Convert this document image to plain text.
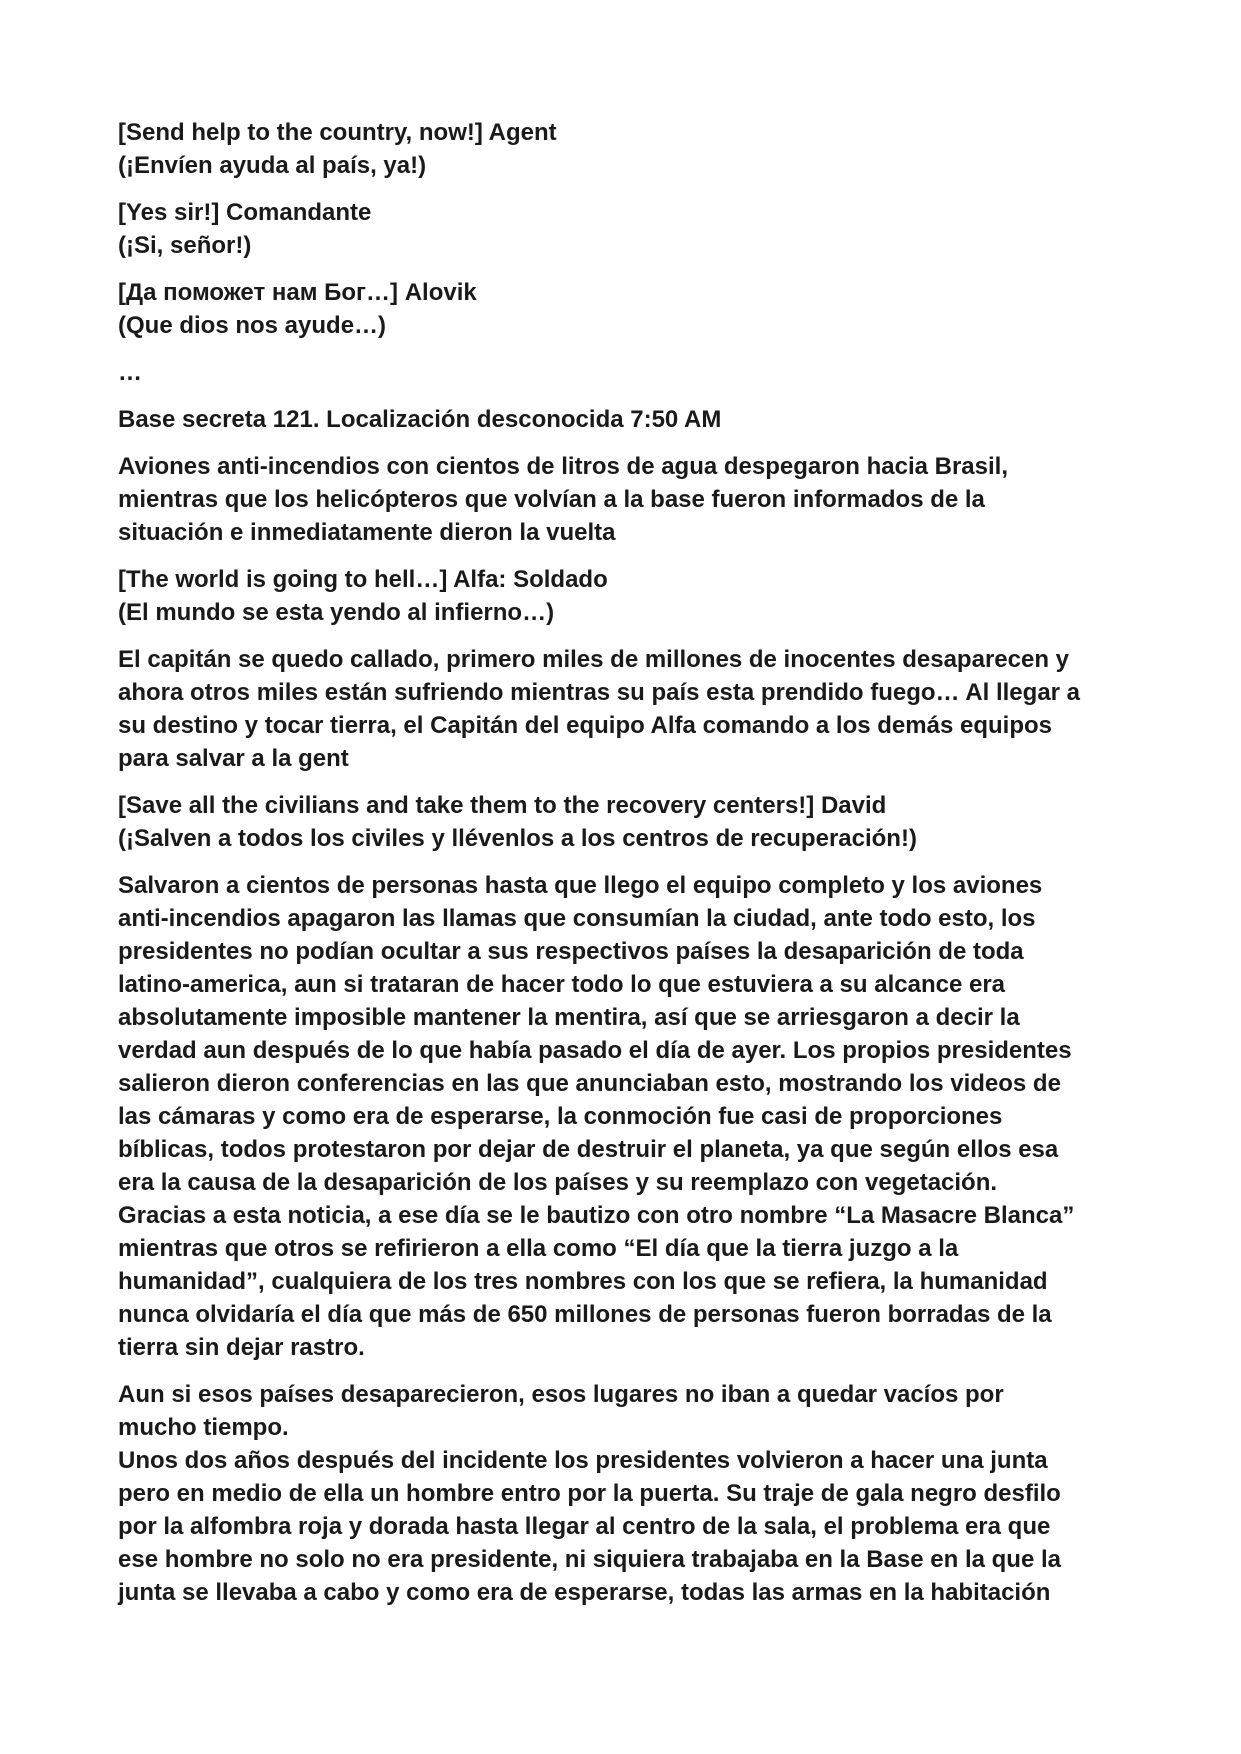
[Send help to the country, now!] Agent
(¡Envíen ayuda al país, ya!)

[Yes sir!] Comandante
(¡Si, señor!)

[Да поможет нам Бог…] Alovik
(Que dios nos ayude…)

…

Base secreta 121. Localización desconocida 7:50 AM

Aviones anti-incendios con cientos de litros de agua despegaron hacia Brasil,
mientras que los helicópteros que volvían a la base fueron informados de la
situación e inmediatamente dieron la vuelta

[The world is going to hell…] Alfa: Soldado
(El mundo se esta yendo al infierno…)

El capitán se quedo callado, primero miles de millones de inocentes desaparecen y
ahora otros miles están sufriendo mientras su país esta prendido fuego… Al llegar a
su destino y tocar tierra, el Capitán del equipo Alfa comando a los demás equipos
para salvar a la gent

[Save all the civilians and take them to the recovery centers!] David
(¡Salven a todos los civiles y llévenlos a los centros de recuperación!)

Salvaron a cientos de personas hasta que llego el equipo completo y los aviones
anti-incendios apagaron las llamas que consumían la ciudad, ante todo esto, los
presidentes no podían ocultar a sus respectivos países la desaparición de toda
latino-america, aun si trataran de hacer todo lo que estuviera a su alcance era
absolutamente imposible mantener la mentira, así que se arriesgaron a decir la
verdad aun después de lo que había pasado el día de ayer. Los propios presidentes
salieron dieron conferencias en las que anunciaban esto, mostrando los videos de
las cámaras y como era de esperarse, la conmoción fue casi de proporciones
bíblicas, todos protestaron por dejar de destruir el planeta, ya que según ellos esa
era la causa de la desaparición de los países y su reemplazo con vegetación.
Gracias a esta noticia, a ese día se le bautizo con otro nombre “La Masacre Blanca”
mientras que otros se refirieron a ella como “El día que la tierra juzgo a la
humanidad”, cualquiera de los tres nombres con los que se refiera, la humanidad
nunca olvidaría el día que más de 650 millones de personas fueron borradas de la
tierra sin dejar rastro.

Aun si esos países desaparecieron, esos lugares no iban a quedar vacíos por
mucho tiempo.
Unos dos años después del incidente los presidentes volvieron a hacer una junta
pero en medio de ella un hombre entro por la puerta. Su traje de gala negro desfilo
por la alfombra roja y dorada hasta llegar al centro de la sala, el problema era que
ese hombre no solo no era presidente, ni siquiera trabajaba en la Base en la que la
junta se llevaba a cabo y como era de esperarse, todas las armas en la habitación
